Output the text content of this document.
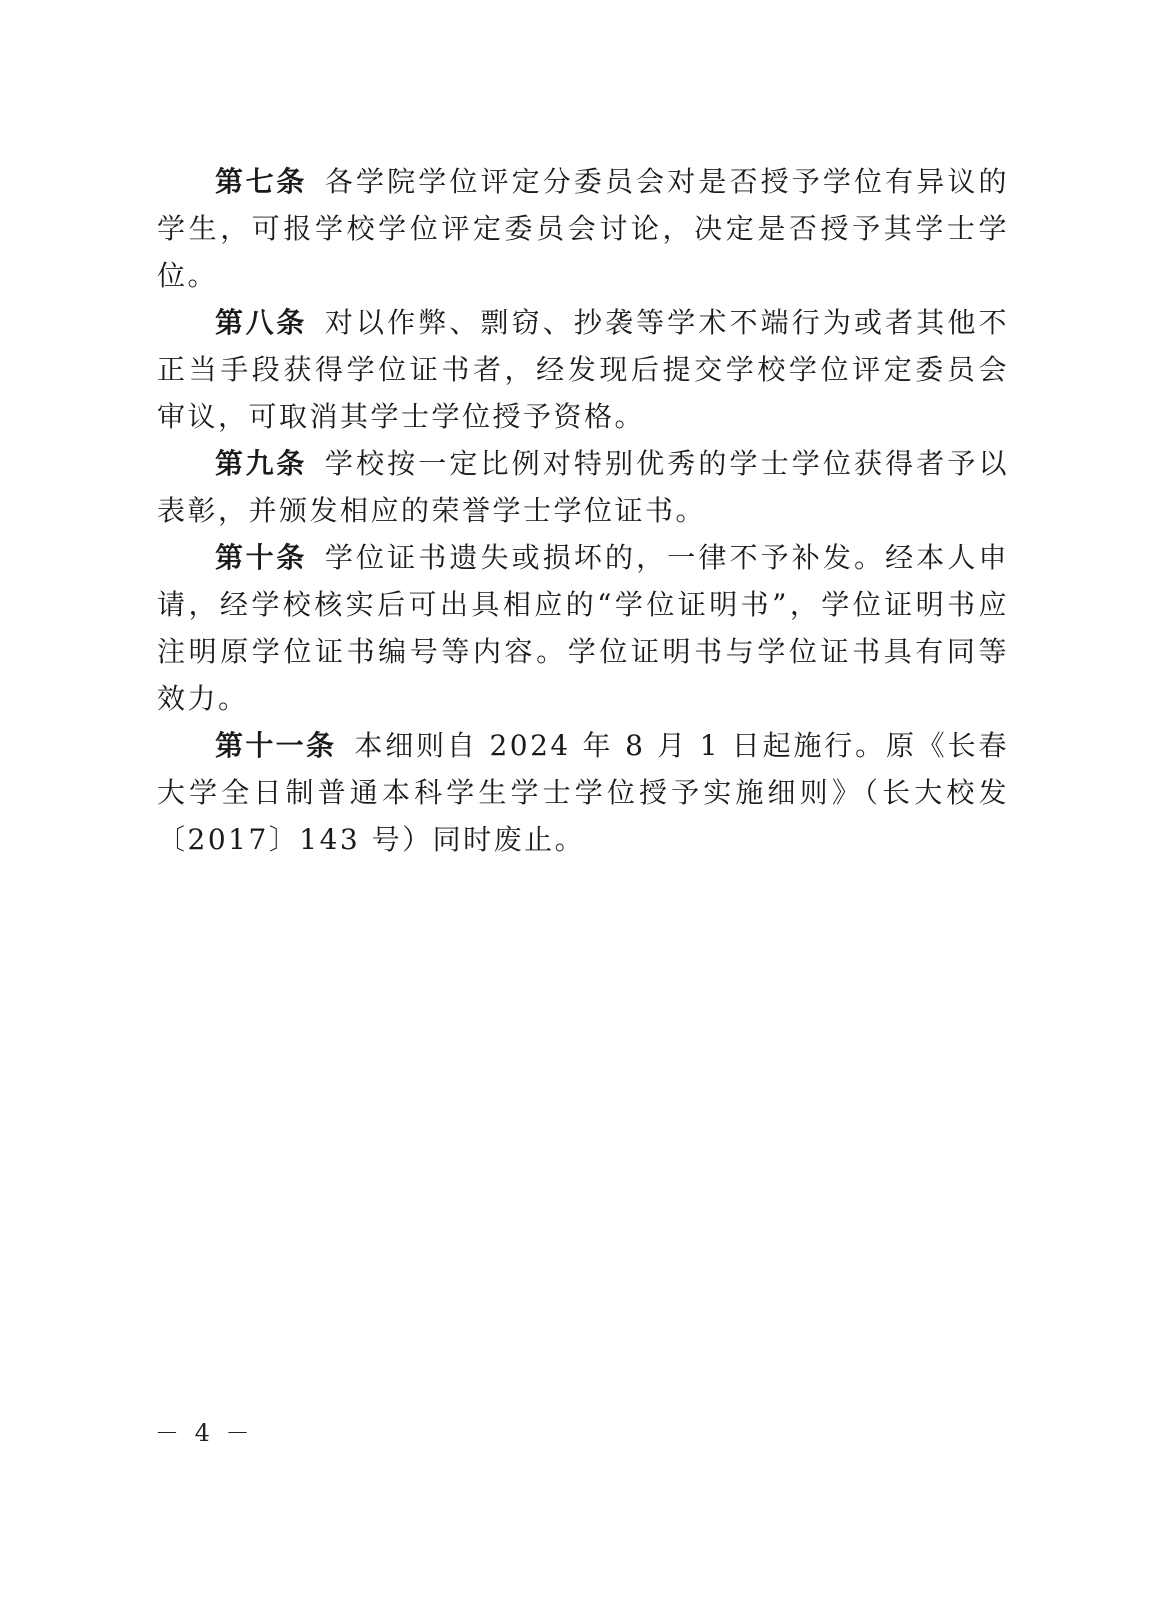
第七条 各学院学位评定分委员会对是否授予学位有异议的学生，可报学校学位评定委员会讨论，决定是否授予其学士学位。

第八条 对以作弊、剽窃、抄袭等学术不端行为或者其他不正当手段获得学位证书者，经发现后提交学校学位评定委员会审议，可取消其学士学位授予资格。

第九条 学校按一定比例对特别优秀的学士学位获得者予以表彰，并颁发相应的荣誉学士学位证书。

第十条 学位证书遗失或损坏的，一律不予补发。经本人申请，经学校核实后可出具相应的“学位证明书”，学位证明书应注明原学位证书编号等内容。学位证明书与学位证书具有同等效力。

第十一条 本细则自 2024 年 8 月 1 日起施行。原《长春大学全日制普通本科学生学士学位授予实施细则》（长大校发〔2017〕143 号）同时废止。

－ 4 －
